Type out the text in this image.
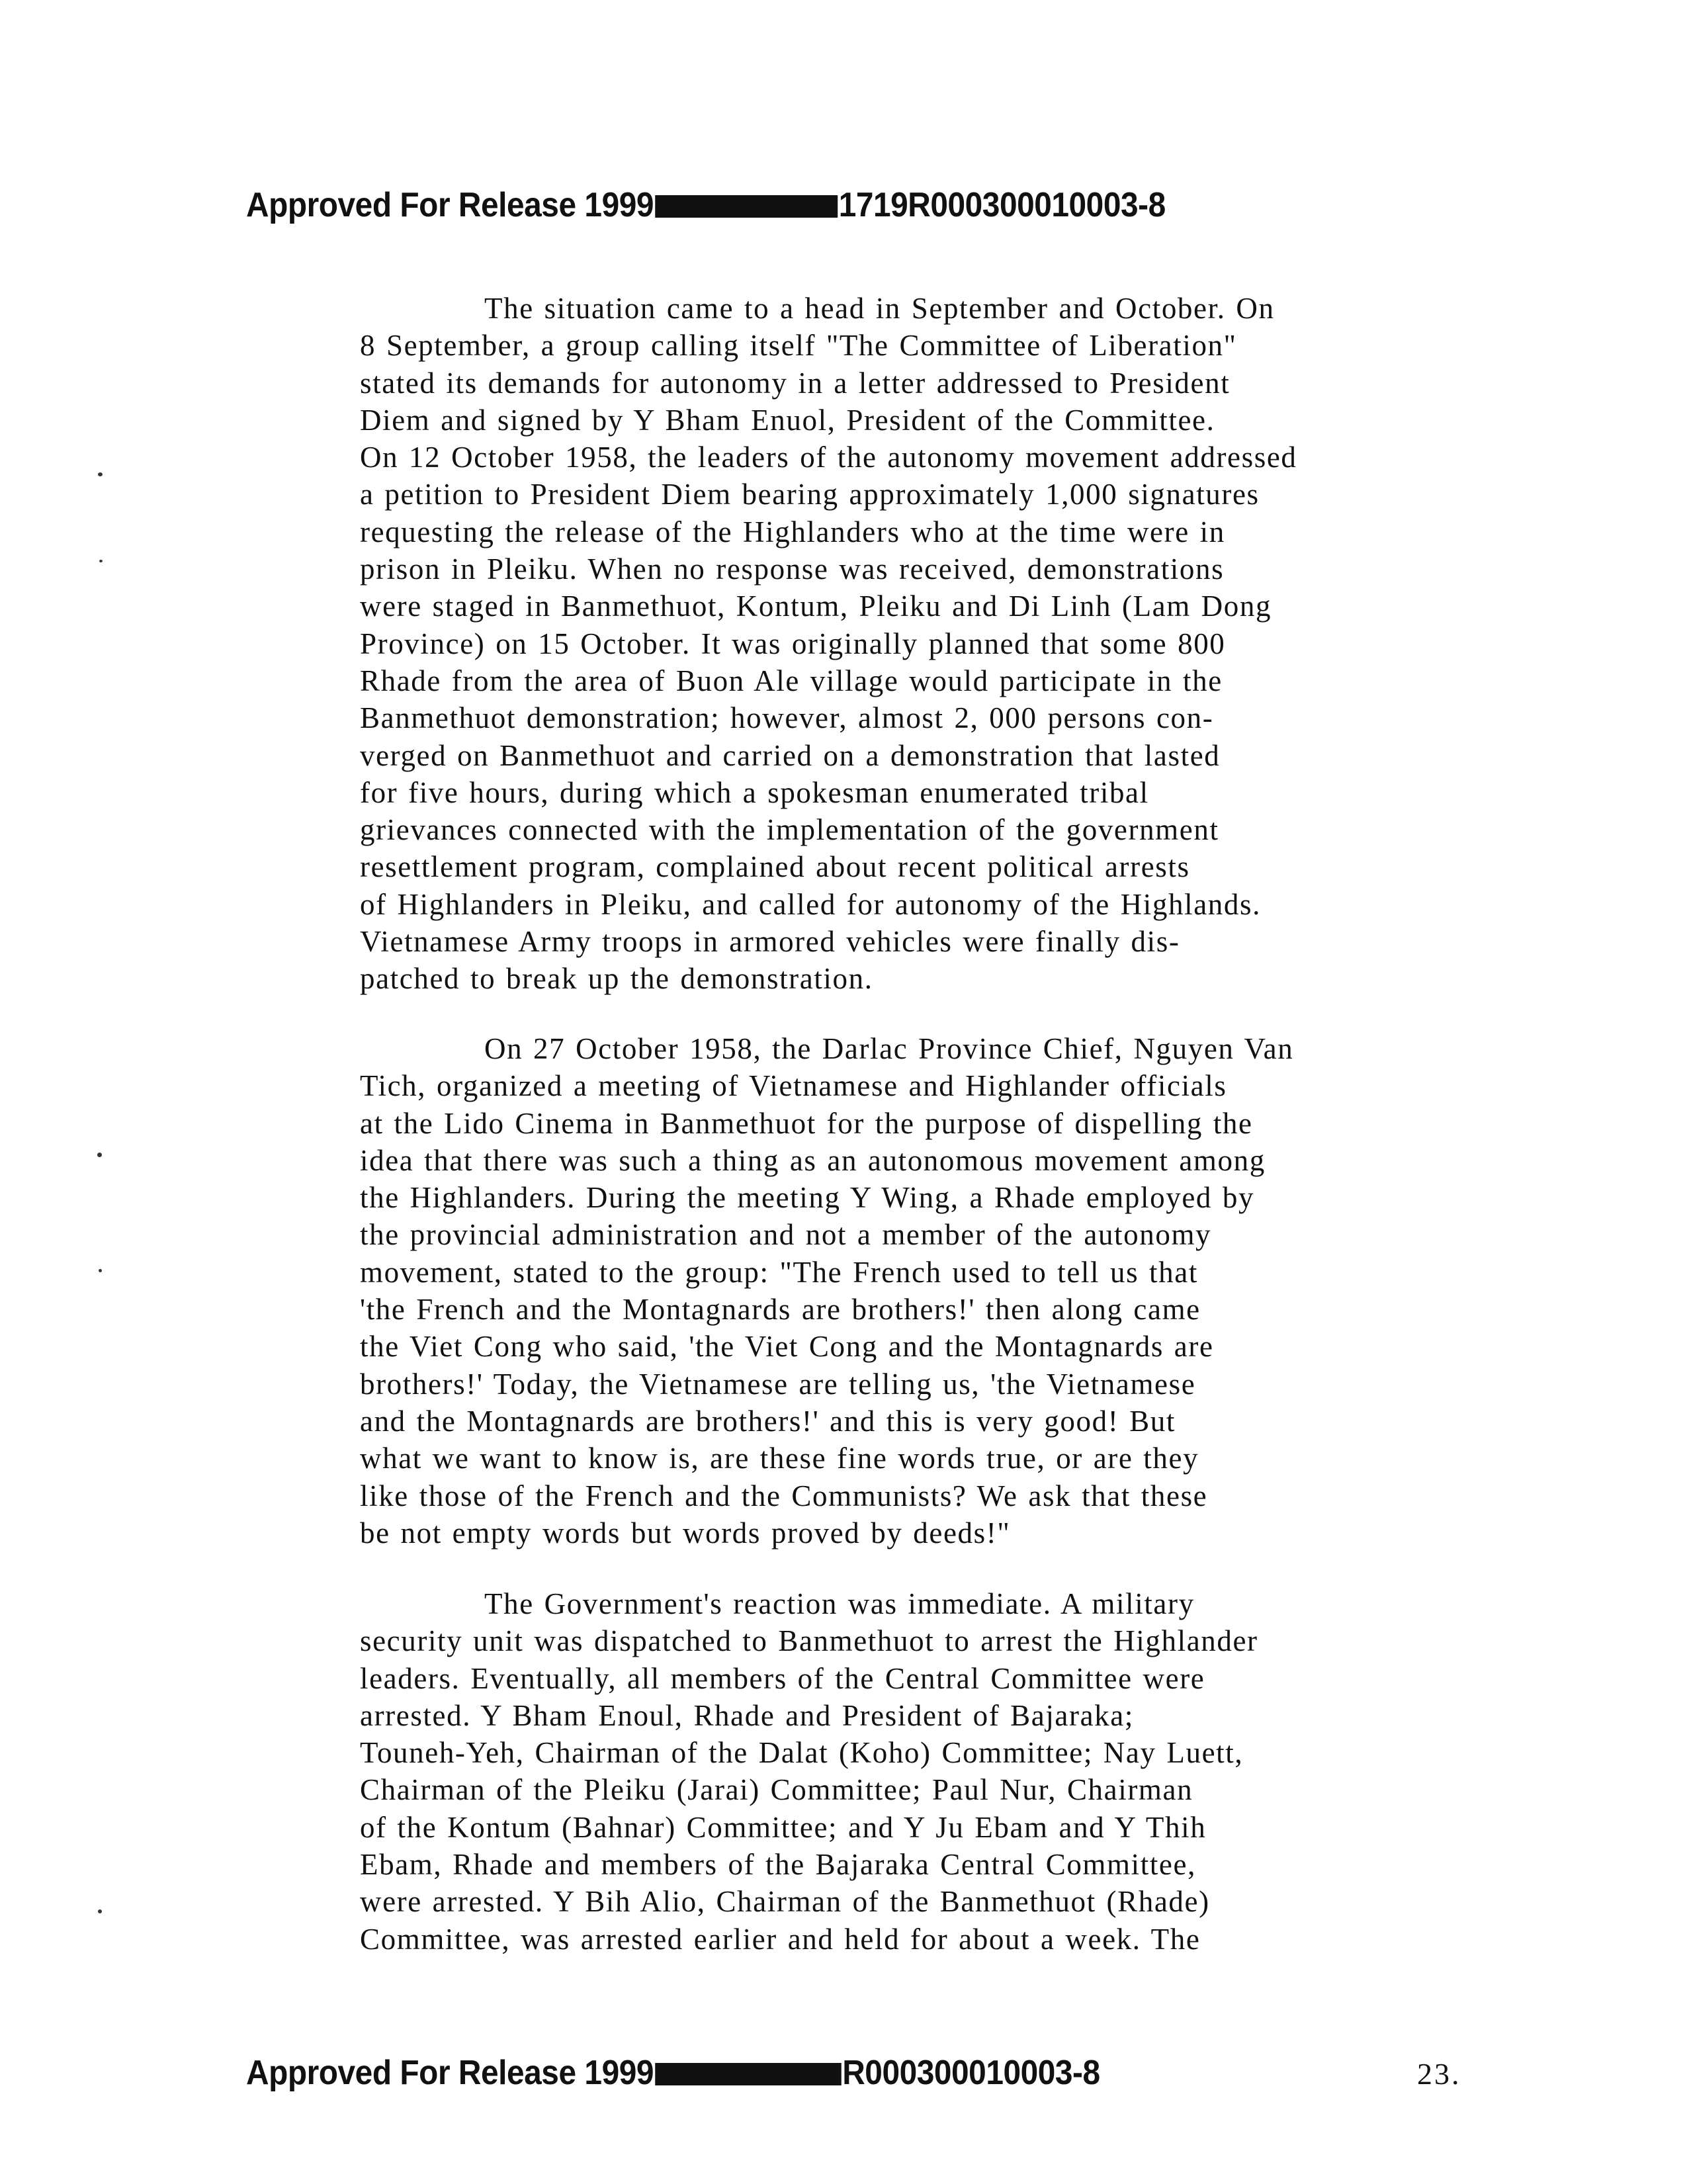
Approved For Release 1999	1719R000300010003-8
The situation came to a head in September and October. On
8 September, a group calling itself "The Committee of Liberation"
stated its demands for autonomy in a letter addressed to President
Diem and signed by Y Bham Enuol, President of the Committee.
On 12 October 1958, the leaders of the autonomy movement addressed
a petition to President Diem bearing approximately 1,000 signatures
requesting the release of the Highlanders who at the time were in
prison in Pleiku. When no response was received, demonstrations
were staged in Banmethuot, Kontum, Pleiku and Di Linh (Lam Dong
Province) on 15 October. It was originally planned that some 800
Rhade from the area of Buon Ale village would participate in the
Banmethuot demonstration; however, almost 2, 000 persons con-
verged on Banmethuot and carried on a demonstration that lasted
for five hours, during which a spokesman enumerated tribal
grievances connected with the implementation of the government
resettlement program, complained about recent political arrests
of Highlanders in Pleiku, and called for autonomy of the Highlands.
Vietnamese Army troops in armored vehicles were finally dis-
patched to break up the demonstration.
On 27 October 1958, the Darlac Province Chief, Nguyen Van
Tich, organized a meeting of Vietnamese and Highlander officials
at the Lido Cinema in Banmethuot for the purpose of dispelling the
idea that there was such a thing as an autonomous movement among
the Highlanders. During the meeting Y Wing, a Rhade employed by
the provincial administration and not a member of the autonomy
movement, stated to the group: "The French used to tell us that
'the French and the Montagnards are brothers!' then along came
the Viet Cong who said, 'the Viet Cong and the Montagnards are
brothers!' Today, the Vietnamese are telling us, 'the Vietnamese
and the Montagnards are brothers!' and this is very good! But
what we want to know is, are these fine words true, or are they
like those of the French and the Communists? We ask that these
be not empty words but words proved by deeds!"
The Government's reaction was immediate. A military
security unit was dispatched to Banmethuot to arrest the Highlander
leaders. Eventually, all members of the Central Committee were
arrested. Y Bham Enoul, Rhade and President of Bajaraka;
Touneh-Yeh, Chairman of the Dalat (Koho) Committee; Nay Luett,
Chairman of the Pleiku (Jarai) Committee; Paul Nur, Chairman
of the Kontum (Bahnar) Committee; and Y Ju Ebam and Y Thih
Ebam, Rhade and members of the Bajaraka Central Committee,
were arrested. Y Bih Alio, Chairman of the Banmethuot (Rhade)
Committee, was arrested earlier and held for about a week. The
Approved For Release 1999	R000300010003-8	23.
